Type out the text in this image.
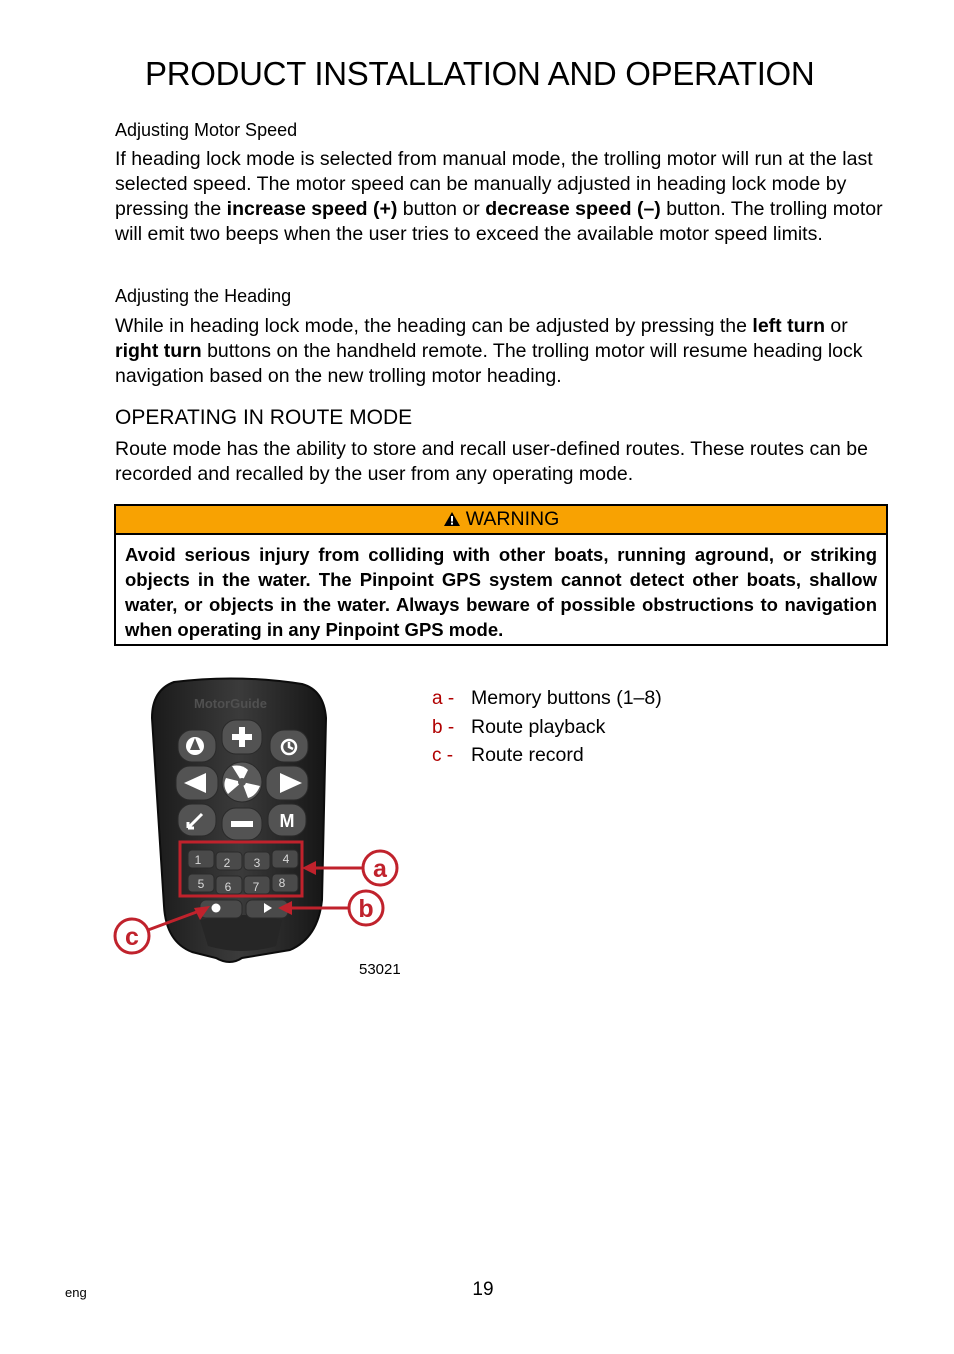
PRODUCT INSTALLATION AND OPERATION
Adjusting Motor Speed

If heading lock mode is selected from manual mode, the trolling motor will run at the last selected speed. The motor speed can be manually adjusted in heading lock mode by pressing the increase speed (+) button or decrease speed (–) button. The trolling motor will emit two beeps when the user tries to exceed the available motor speed limits.

Adjusting the Heading

While in heading lock mode, the heading can be adjusted by pressing the left turn or right turn buttons on the handheld remote. The trolling motor will resume heading lock navigation based on the new trolling motor heading.

OPERATING IN ROUTE MODE

Route mode has the ability to store and recall user-defined routes. These routes can be recorded and recalled by the user from any operating mode.

WARNING
Avoid serious injury from colliding with other boats, running aground, or striking objects in the water. The Pinpoint GPS system cannot detect other boats, shallow water, or objects in the water. Always beware of possible obstructions to navigation when operating in any Pinpoint GPS mode.
MotorGuide
M
1 2 3 4
5 6 7 8	a
b
c
53021
a - Memory buttons (1–8)
b - Route playback
c - Route record
eng	19
